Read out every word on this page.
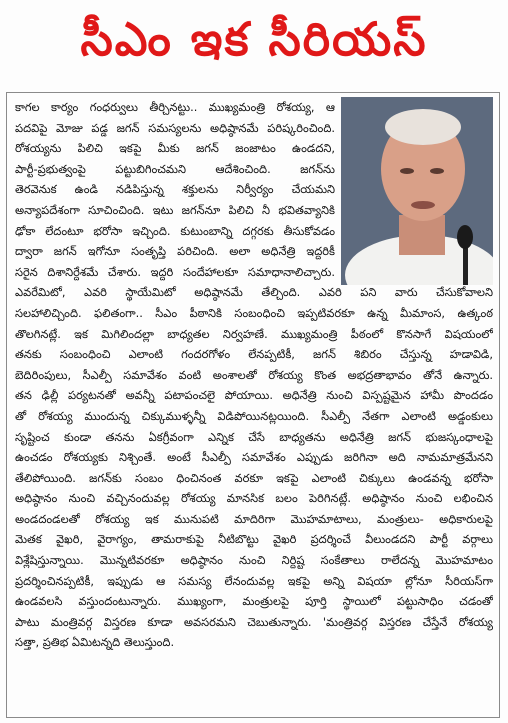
సీఎం ఇక సీరియస్
కాగల కార్యం గంధర్వులు తీర్చినట్టు.. ముఖ్యమంత్రి రోశయ్య, ఆ
పదవిపై మోజు పడ్డ జగన్ సమస్యలను అధిష్ఠానమే పరిష్కరించింది.
రోశయ్యను పిలిచి ఇకపై మీకు జగన్ జంజాటం ఉండదని,
పార్టీ-ప్రభుత్వంపై పట్టుబిగించమని ఆదేశించింది. జగన్‌ను
తెరవెనుక ఉండి నడిపిస్తున్న శక్తులను నిర్వీర్యం చేయమని
అన్యాపదేశంగా సూచించింది. ఇటు జగన్‌నూ పిలిచి నీ భవితవ్యానికి
ఢోకా లేదంటూ భరోసా ఇచ్చింది. కుటుంబాన్ని దగ్గరకు తీసుకోవడం
ద్వారా జగన్ ఇగోనూ సంతృప్తి పరిచింది. అలా అధినేత్రి ఇద్దరికీ
సరైన దిశానిర్దేశమే చేశారు. ఇద్దరి సందేహాలకూ సమాధానాలిచ్చారు.
ఎవరేమిటో, ఎవరి స్థాయేమిటో అధిష్ఠానమే తేల్చింది. ఎవరి పని వారు చేసుకోవాలని
సలహాలిచ్చింది. ఫలితంగా.. సీఎం పీఠానికి సంబంధించి ఇప్పటివరకూ ఉన్న మీమాంస, ఉత్కంఠ
తొలగినట్లే. ఇక మిగిలిందల్లా బాధ్యతల నిర్వహణే. ముఖ్యమంత్రి పీఠంలో కొనసాగే విషయంలో
తనకు సంబంధించి ఎలాంటి గందరగోళం లేనప్పటికీ, జగన్ శిబిరం చేస్తున్న హడావిడి,
బెదిరింపులు, సీఎల్పీ సమావేశం వంటి అంశాలతో రోశయ్య కొంత అభద్రతాభావం తోనే ఉన్నారు.
తన ఢిల్లీ పర్యటనతో అవన్నీ పటాపంచలై పోయాయి. అధినేత్రి నుంచి విస్పష్టమైన హామీ పొందడం
తో రోశయ్య ముందున్న చిక్కుముళ్ళన్నీ విడిపోయినట్లయింది. సీఎల్పీ నేతగా ఎలాంటి అడ్డంకులు
సృష్టించ కుండా తనను ఏకగ్రీవంగా ఎన్నిక చేసే బాధ్యతను అధినేత్రి జగన్ భుజస్కంధాలపై
ఉంచడం రోశయ్యకు నిశ్చింతే. అంటే సీఎల్పీ సమావేశం ఎప్పుడు జరిగినా అది నామమాత్రమేనని
తేలిపోయింది. జగన్‌కు సంబం ధించినంత వరకూ ఇకపై ఎలాంటి చిక్కులు ఉండవన్న భరోసా
అధిష్ఠానం నుంచి వచ్చినందువల్ల రోశయ్య మానసిక బలం పెరిగినట్లే. అధిష్ఠానం నుంచి లభించిన
అండదండలతో రోశయ్య ఇక మునుపటి మాదిరిగా మొహమాటాలు, మంత్రులు- అధికారులపై
మెతక వైఖరి, వైరాగ్యం, తామరాకుపై నీటిబొట్టు వైఖరి ప్రదర్శించే వీలుండదని పార్టీ వర్గాలు
విశ్లేషిస్తున్నాయి. మొన్నటివరకూ అధిష్ఠానం నుంచి నిర్దిష్ట సంకేతాలు రాలేదన్న మొహమాటం
ప్రదర్శించినప్పటికీ, ఇప్పుడు ఆ సమస్య లేనందువల్ల ఇకపై అన్ని విషయా ల్లోనూ సీరియస్‌గా
ఉండవలసి వస్తుందంటున్నారు. ముఖ్యంగా, మంత్రులపై పూర్తి స్థాయిలో పట్టుసాధిం చడంతో
పాటు మంత్రివర్గ విస్తరణ కూడా అవసరమని చెబుతున్నారు. 'మంత్రివర్గ విస్తరణ చేస్తేనే రోశయ్య
సత్తా, ప్రతిభ ఏమిటన్నది తెలుస్తుంది.
